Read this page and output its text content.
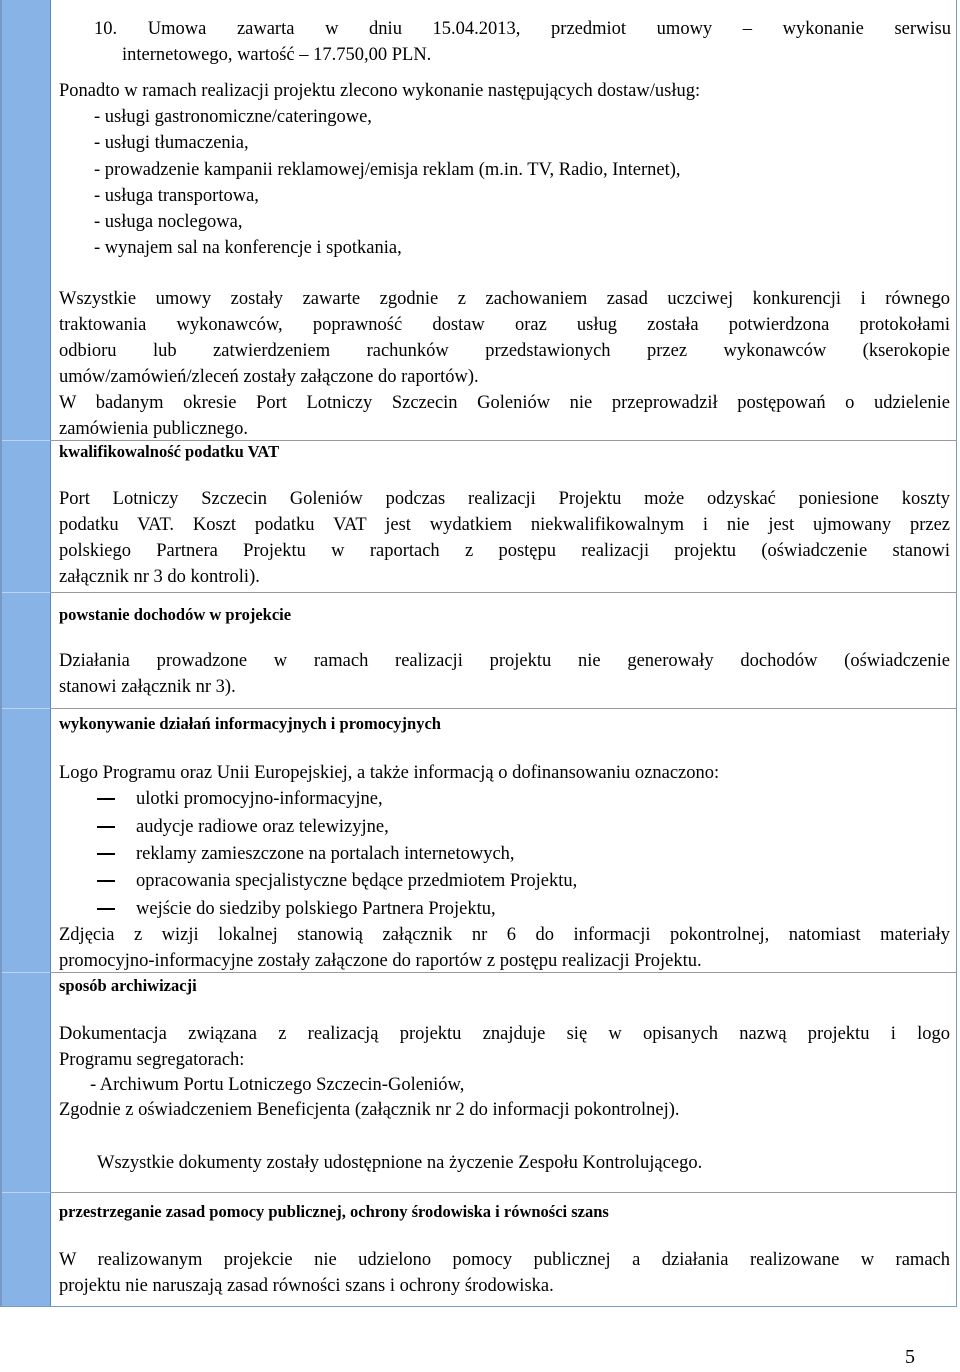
10. Umowa zawarta w dniu 15.04.2013, przedmiot umowy – wykonanie serwisu
internetowego, wartość – 17.750,00 PLN.
Ponadto w ramach realizacji projektu zlecono wykonanie następujących dostaw/usług:
- usługi gastronomiczne/cateringowe,
- usługi tłumaczenia,
- prowadzenie kampanii reklamowej/emisja reklam (m.in. TV, Radio, Internet),
- usługa transportowa,
- usługa noclegowa,
- wynajem sal na konferencje i spotkania,
Wszystkie umowy zostały zawarte zgodnie z zachowaniem zasad uczciwej konkurencji i równego
traktowania wykonawców, poprawność dostaw oraz usług została potwierdzona protokołami
odbioru lub zatwierdzeniem rachunków przedstawionych przez wykonawców (kserokopie
umów/zamówień/zleceń zostały załączone do raportów).
W badanym okresie Port Lotniczy Szczecin Goleniów nie przeprowadził postępowań o udzielenie
zamówienia publicznego.
kwalifikowalność podatku VAT
Port Lotniczy Szczecin Goleniów podczas realizacji Projektu może odzyskać poniesione koszty
podatku VAT. Koszt podatku VAT jest wydatkiem niekwalifikowalnym i nie jest ujmowany przez
polskiego Partnera Projektu w raportach z postępu realizacji projektu (oświadczenie stanowi
załącznik nr 3 do kontroli).
powstanie dochodów w projekcie
Działania prowadzone w ramach realizacji projektu nie generowały dochodów (oświadczenie
stanowi załącznik nr 3).
wykonywanie działań informacyjnych i promocyjnych
Logo Programu oraz Unii Europejskiej, a także informacją o dofinansowaniu oznaczono:
ulotki promocyjno-informacyjne,
audycje radiowe oraz telewizyjne,
reklamy zamieszczone na portalach internetowych,
opracowania specjalistyczne będące przedmiotem Projektu,
wejście do siedziby polskiego Partnera Projektu,
Zdjęcia z wizji lokalnej stanowią załącznik nr 6 do informacji pokontrolnej, natomiast materiały
promocyjno-informacyjne zostały załączone do raportów z postępu realizacji Projektu.
sposób archiwizacji
Dokumentacja związana z realizacją projektu znajduje się w opisanych nazwą projektu i logo
Programu segregatorach:
- Archiwum Portu Lotniczego Szczecin-Goleniów,
Zgodnie z oświadczeniem Beneficjenta (załącznik nr 2 do informacji pokontrolnej).
Wszystkie dokumenty zostały udostępnione na życzenie Zespołu Kontrolującego.
przestrzeganie zasad pomocy publicznej, ochrony środowiska i równości szans
W realizowanym projekcie nie udzielono pomocy publicznej a działania realizowane w ramach
projektu nie naruszają zasad równości szans i ochrony środowiska.
5
